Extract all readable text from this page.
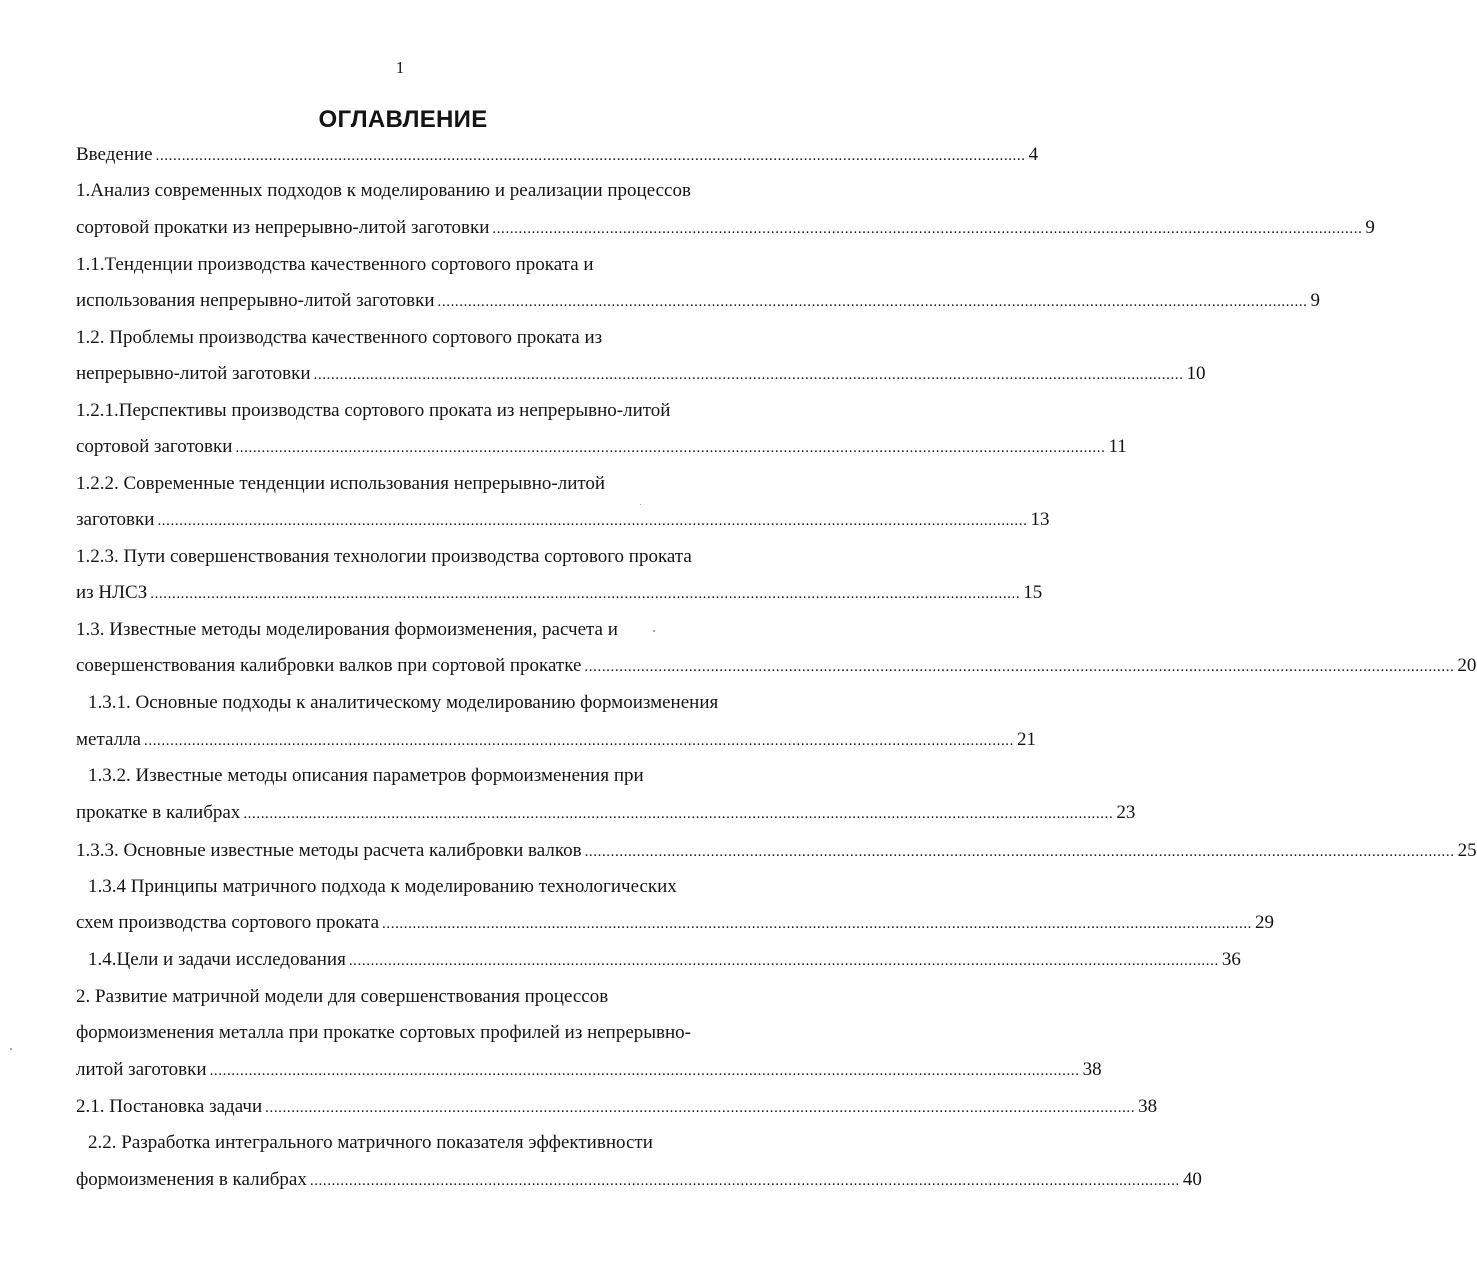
1
ОГЛАВЛЕНИЕ
Введение ........................................................................................................................................................................................................ 4
1.Анализ современных подходов к моделированию и реализации процессов
сортовой прокатки из непрерывно-литой заготовки ........................................................................................................................................................................................................ 9
1.1.Тенденции производства качественного сортового проката и
использования непрерывно-литой заготовки ........................................................................................................................................................................................................ 9
1.2. Проблемы производства качественного сортового проката из
непрерывно-литой заготовки ........................................................................................................................................................................................................ 10
1.2.1.Перспективы производства сортового проката из непрерывно-литой
сортовой заготовки ........................................................................................................................................................................................................ 11
1.2.2. Современные тенденции использования непрерывно-литой
заготовки ........................................................................................................................................................................................................ 13
1.2.3. Пути совершенствования технологии производства сортового проката
из НЛСЗ ........................................................................................................................................................................................................ 15
1.3. Известные методы моделирования формоизменения, расчета и
совершенствования калибровки валков при сортовой прокатке ........................................................................................................................................................................................................ 20
1.3.1. Основные подходы к аналитическому моделированию формоизменения
металла ........................................................................................................................................................................................................ 21
1.3.2. Известные методы описания параметров формоизменения при
прокатке в калибрах ........................................................................................................................................................................................................ 23
1.3.3. Основные известные методы расчета калибровки валков ........................................................................................................................................................................................................ 25
1.3.4 Принципы матричного подхода к моделированию технологических
схем производства сортового проката ........................................................................................................................................................................................................ 29
1.4.Цели и задачи исследования ........................................................................................................................................................................................................ 36
2. Развитие матричной модели для совершенствования процессов
формоизменения металла при прокатке сортовых профилей из непрерывно-
литой заготовки ........................................................................................................................................................................................................ 38
2.1. Постановка задачи ........................................................................................................................................................................................................ 38
2.2. Разработка интегрального матричного показателя эффективности
формоизменения в калибрах ........................................................................................................................................................................................................ 40
